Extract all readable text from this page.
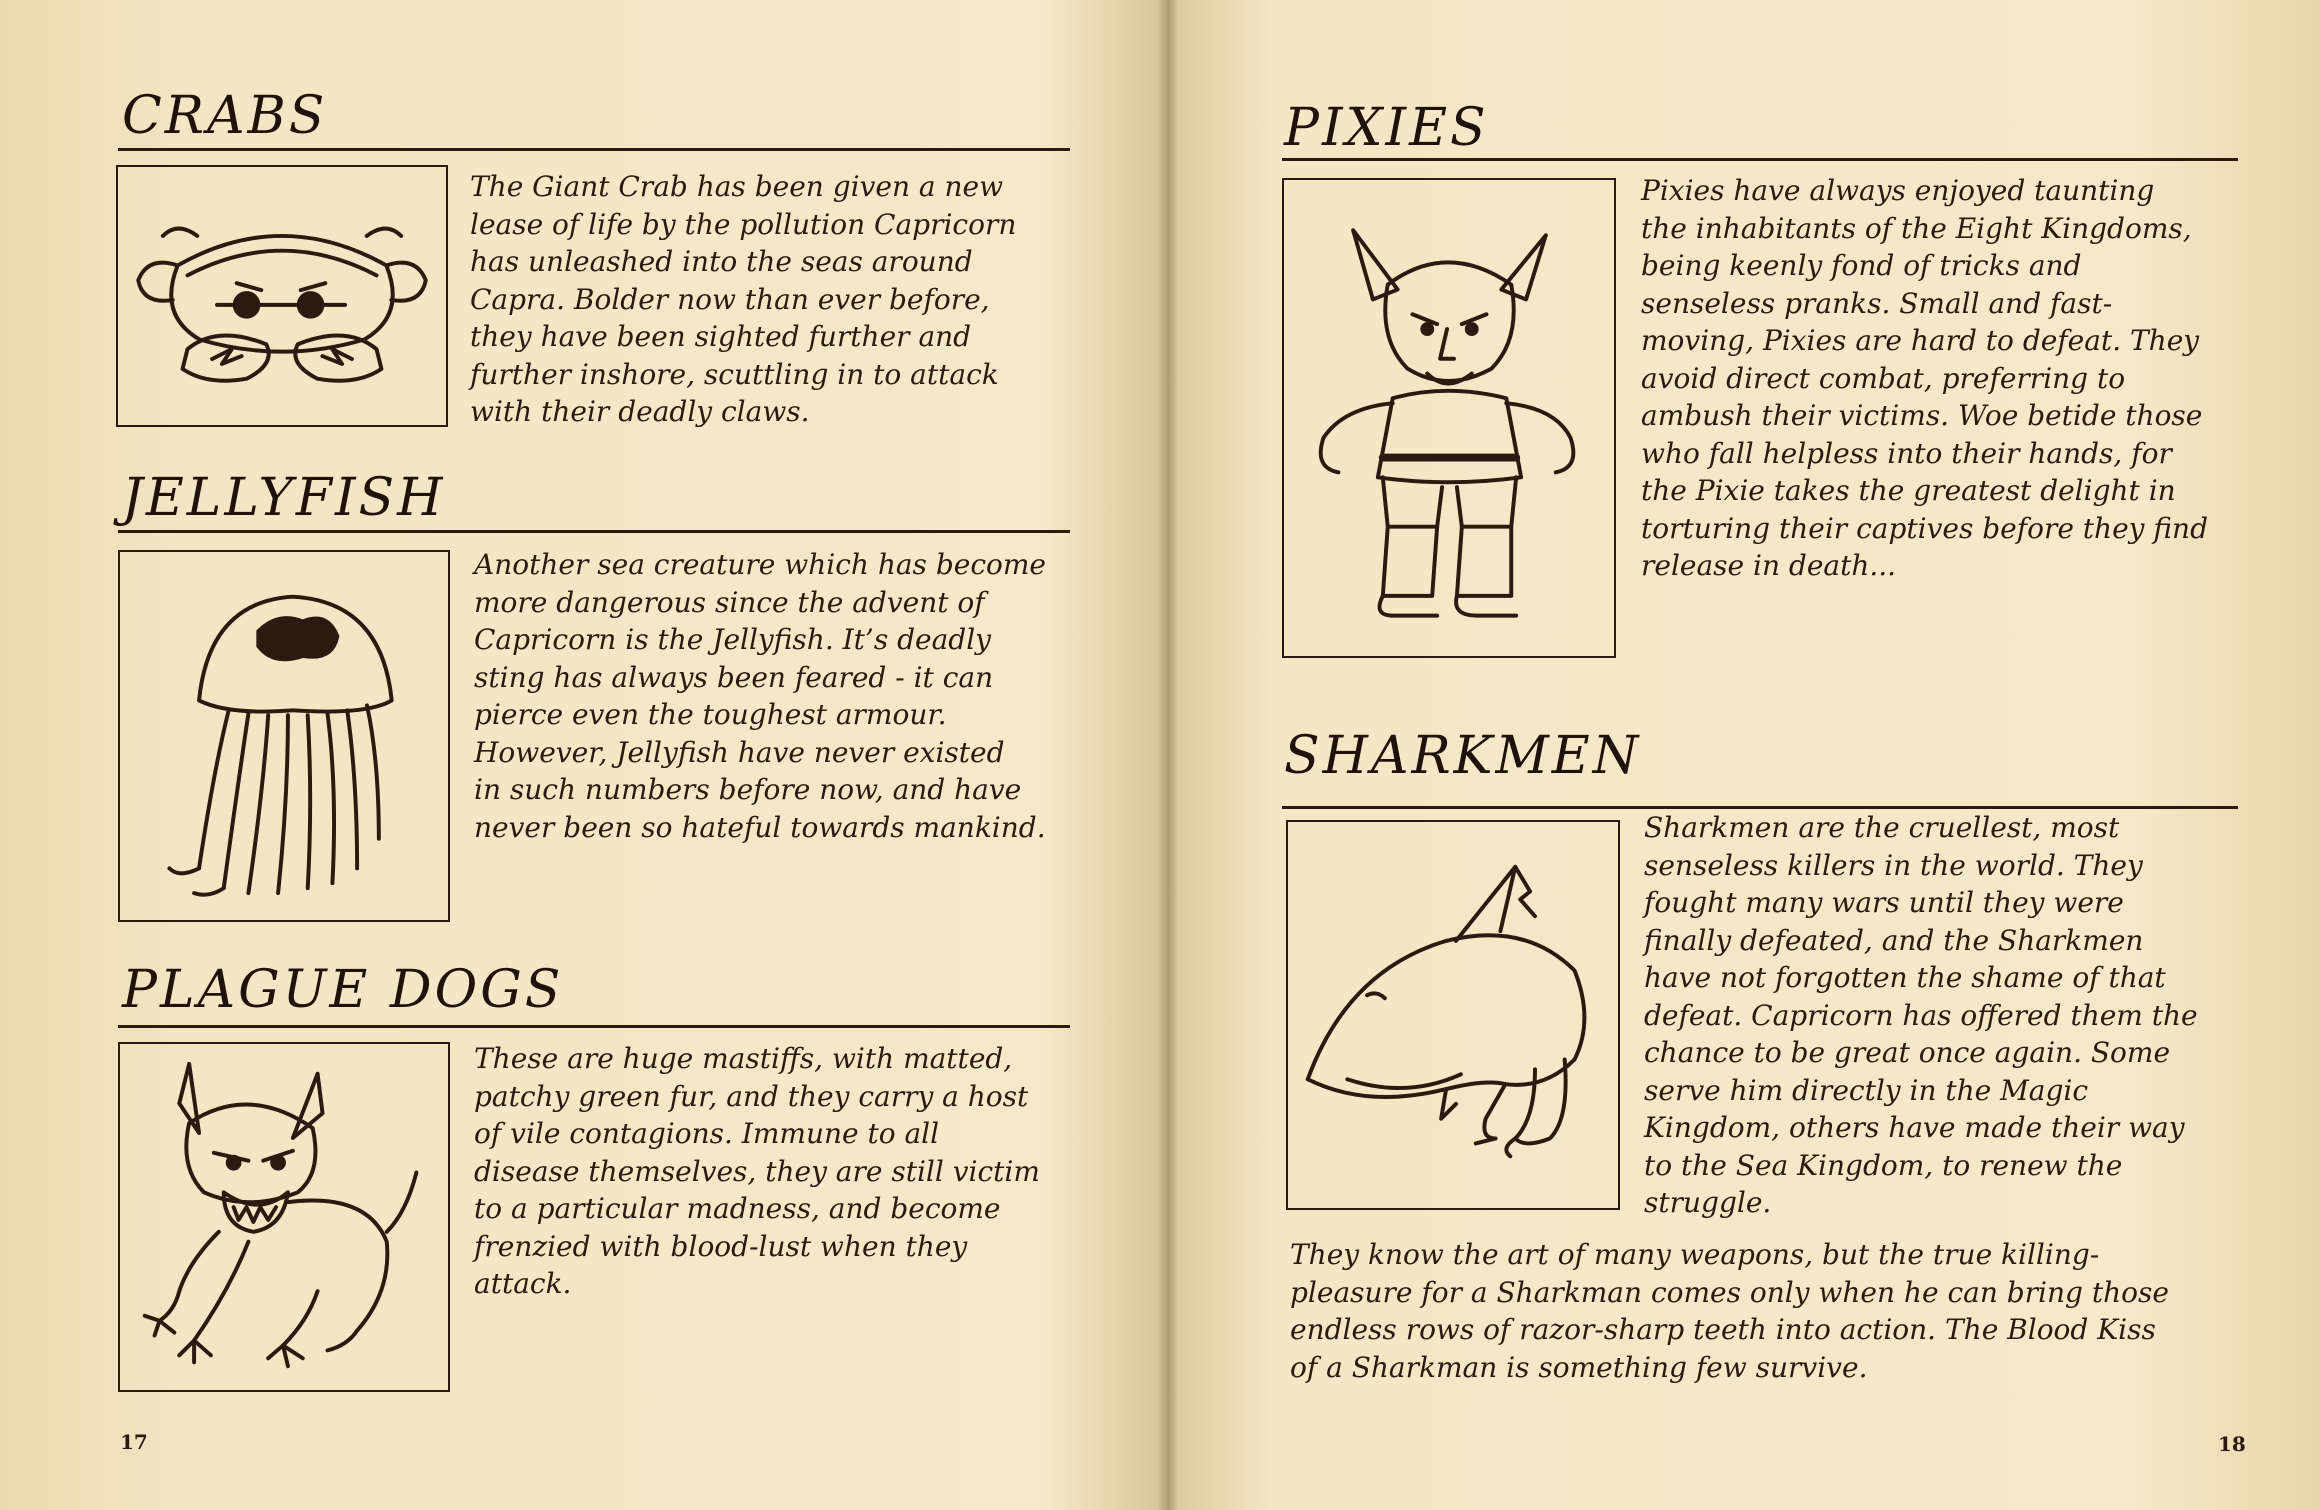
CRABS
The Giant Crab has been given a new
lease of life by the pollution Capricorn
has unleashed into the seas around
Capra. Bolder now than ever before,
they have been sighted further and
further inshore, scuttling in to attack
with their deadly claws.
JELLYFISH
Another sea creature which has become
more dangerous since the advent of
Capricorn is the Jellyfish. It’s deadly
sting has always been feared - it can
pierce even the toughest armour.
However, Jellyfish have never existed
in such numbers before now, and have
never been so hateful towards mankind.
PLAGUE DOGS
These are huge mastiffs, with matted,
patchy green fur, and they carry a host
of vile contagions. Immune to all
disease themselves, they are still victim
to a particular madness, and become
frenzied with blood-lust when they
attack.
17
PIXIES
Pixies have always enjoyed taunting
the inhabitants of the Eight Kingdoms,
being keenly fond of tricks and
senseless pranks. Small and fast-
moving, Pixies are hard to defeat. They
avoid direct combat, preferring to
ambush their victims. Woe betide those
who fall helpless into their hands, for
the Pixie takes the greatest delight in
torturing their captives before they find
release in death...
SHARKMEN
Sharkmen are the cruellest, most
senseless killers in the world. They
fought many wars until they were
finally defeated, and the Sharkmen
have not forgotten the shame of that
defeat. Capricorn has offered them the
chance to be great once again. Some
serve him directly in the Magic
Kingdom, others have made their way
to the Sea Kingdom, to renew the
struggle.
They know the art of many weapons, but the true killing-
pleasure for a Sharkman comes only when he can bring those
endless rows of razor-sharp teeth into action. The Blood Kiss
of a Sharkman is something few survive.
18
